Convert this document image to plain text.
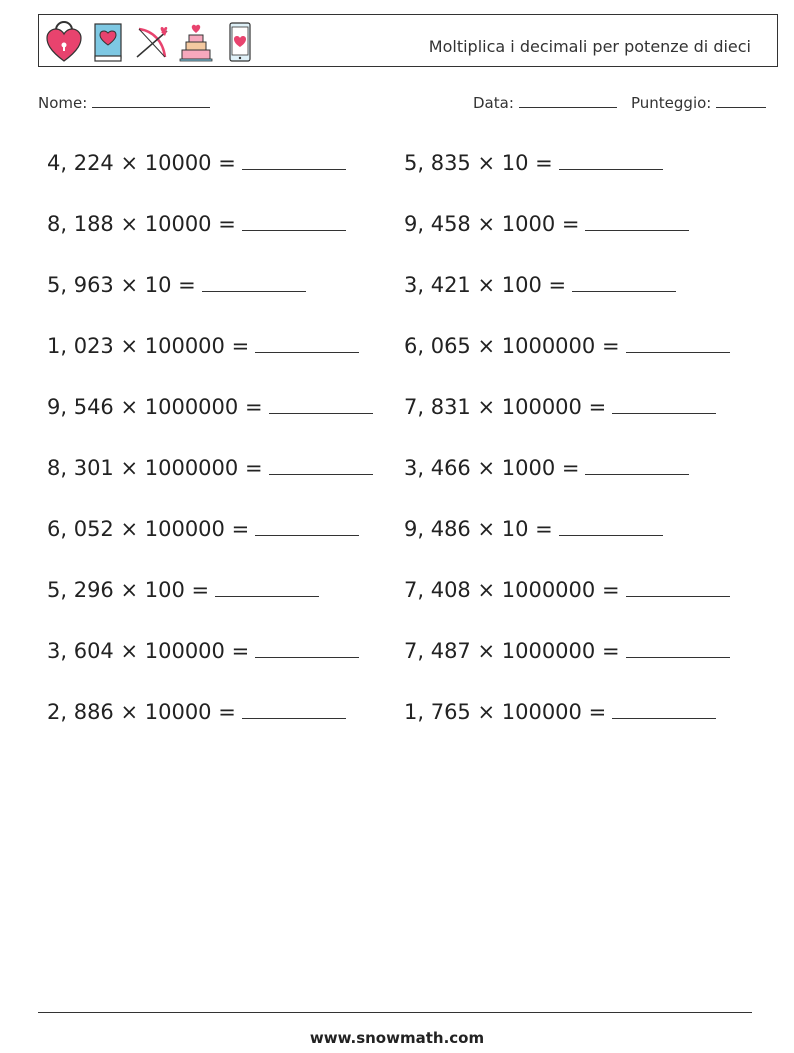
Moltiplica i decimali per potenze di dieci
Nome:	Data:	Punteggio:
4, 224 × 10000 =	5, 835 × 10 =
8, 188 × 10000 =	9, 458 × 1000 =
5, 963 × 10 =	3, 421 × 100 =
1, 023 × 100000 =	6, 065 × 1000000 =
9, 546 × 1000000 =	7, 831 × 100000 =
8, 301 × 1000000 =	3, 466 × 1000 =
6, 052 × 100000 =	9, 486 × 10 =
5, 296 × 100 =	7, 408 × 1000000 =
3, 604 × 100000 =	7, 487 × 1000000 =
2, 886 × 10000 =	1, 765 × 100000 =
www.snowmath.com
